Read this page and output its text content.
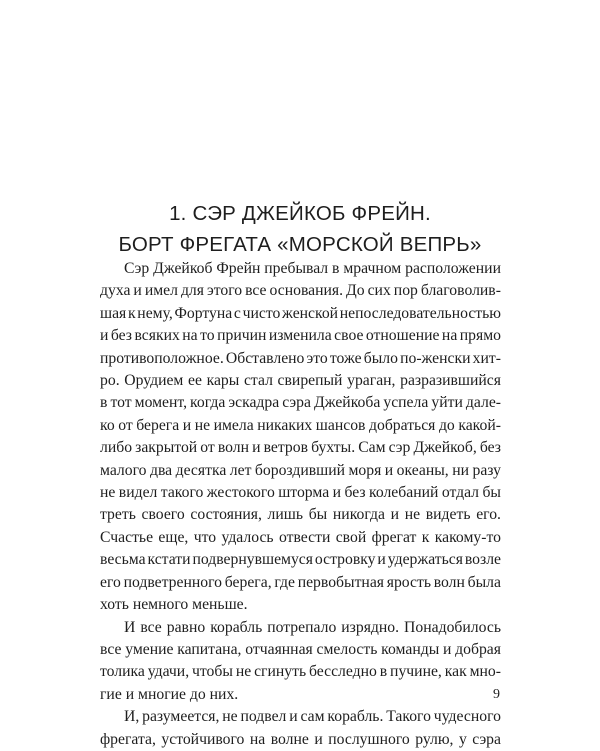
1. СЭР ДЖЕЙКОБ ФРЕЙН.
БОРТ ФРЕГАТА «МОРСКОЙ ВЕПРЬ»
Сэр Джейкоб Фрейн пребывал в мрачном расположении
духа и имел для этого все основания. До сих пор благоволив-
шая к нему, Фортуна с чисто женской непоследовательностью
и без всяких на то причин изменила свое отношение на прямо
противоположное. Обставлено это тоже было по-женски хит-
ро. Орудием ее кары стал свирепый ураган, разразившийся
в тот момент, когда эскадра сэра Джейкоба успела уйти дале-
ко от берега и не имела никаких шансов добраться до какой-
либо закрытой от волн и ветров бухты. Сам сэр Джейкоб, без
малого два десятка лет бороздивший моря и океаны, ни разу
не видел такого жестокого шторма и без колебаний отдал бы
треть своего состояния, лишь бы никогда и не видеть его.
Счастье еще, что удалось отвести свой фрегат к какому-то
весьма кстати подвернувшемуся островку и удержаться возле
его подветренного берега, где первобытная ярость волн была
хоть немного меньше.
И все равно корабль потрепало изрядно. Понадобилось
все умение капитана, отчаянная смелость команды и добрая
толика удачи, чтобы не сгинуть бесследно в пучине, как мно-
гие и многие до них.
И, разумеется, не подвел и сам корабль. Такого чудесного
фрегата, устойчивого на волне и послушного рулю, у сэра
9
